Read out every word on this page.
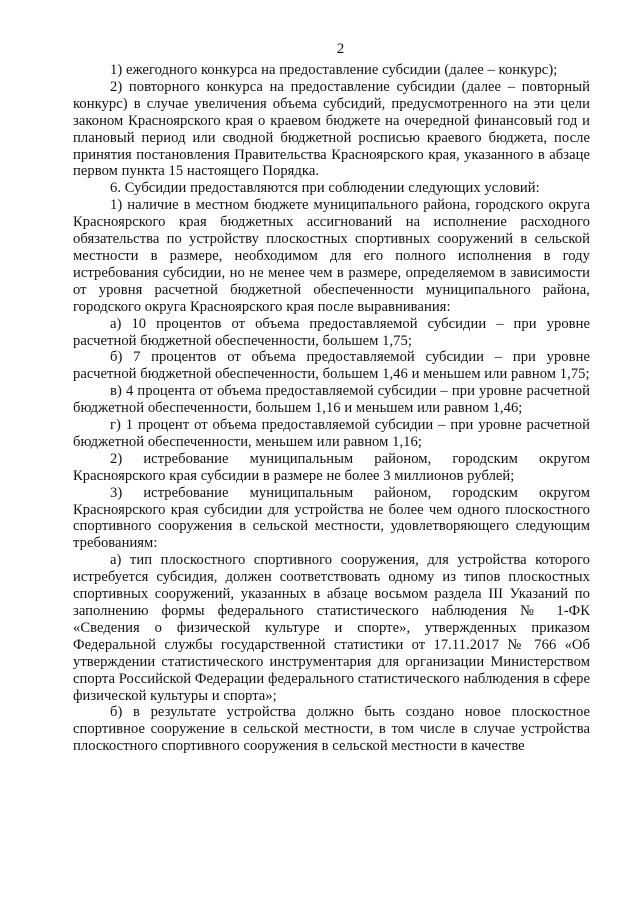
2

1) ежегодного конкурса на предоставление субсидии (далее – конкурс);

2) повторного конкурса на предоставление субсидии (далее – повторный конкурс) в случае увеличения объема субсидий, предусмотренного на эти цели законом Красноярского края о краевом бюджете на очередной финансовый год и плановый период или сводной бюджетной росписью краевого бюджета, после принятия постановления Правительства Красноярского края, указанного в абзаце первом пункта 15 настоящего Порядка.

6. Субсидии предоставляются при соблюдении следующих условий:

1) наличие в местном бюджете муниципального района, городского округа Красноярского края бюджетных ассигнований на исполнение расходного обязательства по устройству плоскостных спортивных сооружений в сельской местности в размере, необходимом для его полного исполнения в году истребования субсидии, но не менее чем в размере, определяемом в зависимости от уровня расчетной бюджетной обеспеченности муниципального района, городского округа Красноярского края после выравнивания:

а) 10 процентов от объема предоставляемой субсидии – при уровне расчетной бюджетной обеспеченности, большем 1,75;

б) 7 процентов от объема предоставляемой субсидии – при уровне расчетной бюджетной обеспеченности, большем 1,46 и меньшем или равном 1,75;

в) 4 процента от объема предоставляемой субсидии – при уровне расчетной бюджетной обеспеченности, большем 1,16 и меньшем или равном 1,46;

г) 1 процент от объема предоставляемой субсидии – при уровне расчетной бюджетной обеспеченности, меньшем или равном 1,16;

2) истребование муниципальным районом, городским округом Красноярского края субсидии в размере не более 3 миллионов рублей;

3) истребование муниципальным районом, городским округом Красноярского края субсидии для устройства не более чем одного плоскостного спортивного сооружения в сельской местности, удовлетворяющего следующим требованиям:

а) тип плоскостного спортивного сооружения, для устройства которого истребуется субсидия, должен соответствовать одному из типов плоскостных спортивных сооружений, указанных в абзаце восьмом раздела III Указаний по заполнению формы федерального статистического наблюдения № 1-ФК «Сведения о физической культуре и спорте», утвержденных приказом Федеральной службы государственной статистики от 17.11.2017 № 766 «Об утверждении статистического инструментария для организации Министерством спорта Российской Федерации федерального статистического наблюдения в сфере физической культуры и спорта»;

б) в результате устройства должно быть создано новое плоскостное спортивное сооружение в сельской местности, в том числе в случае устройства плоскостного спортивного сооружения в сельской местности в качестве
